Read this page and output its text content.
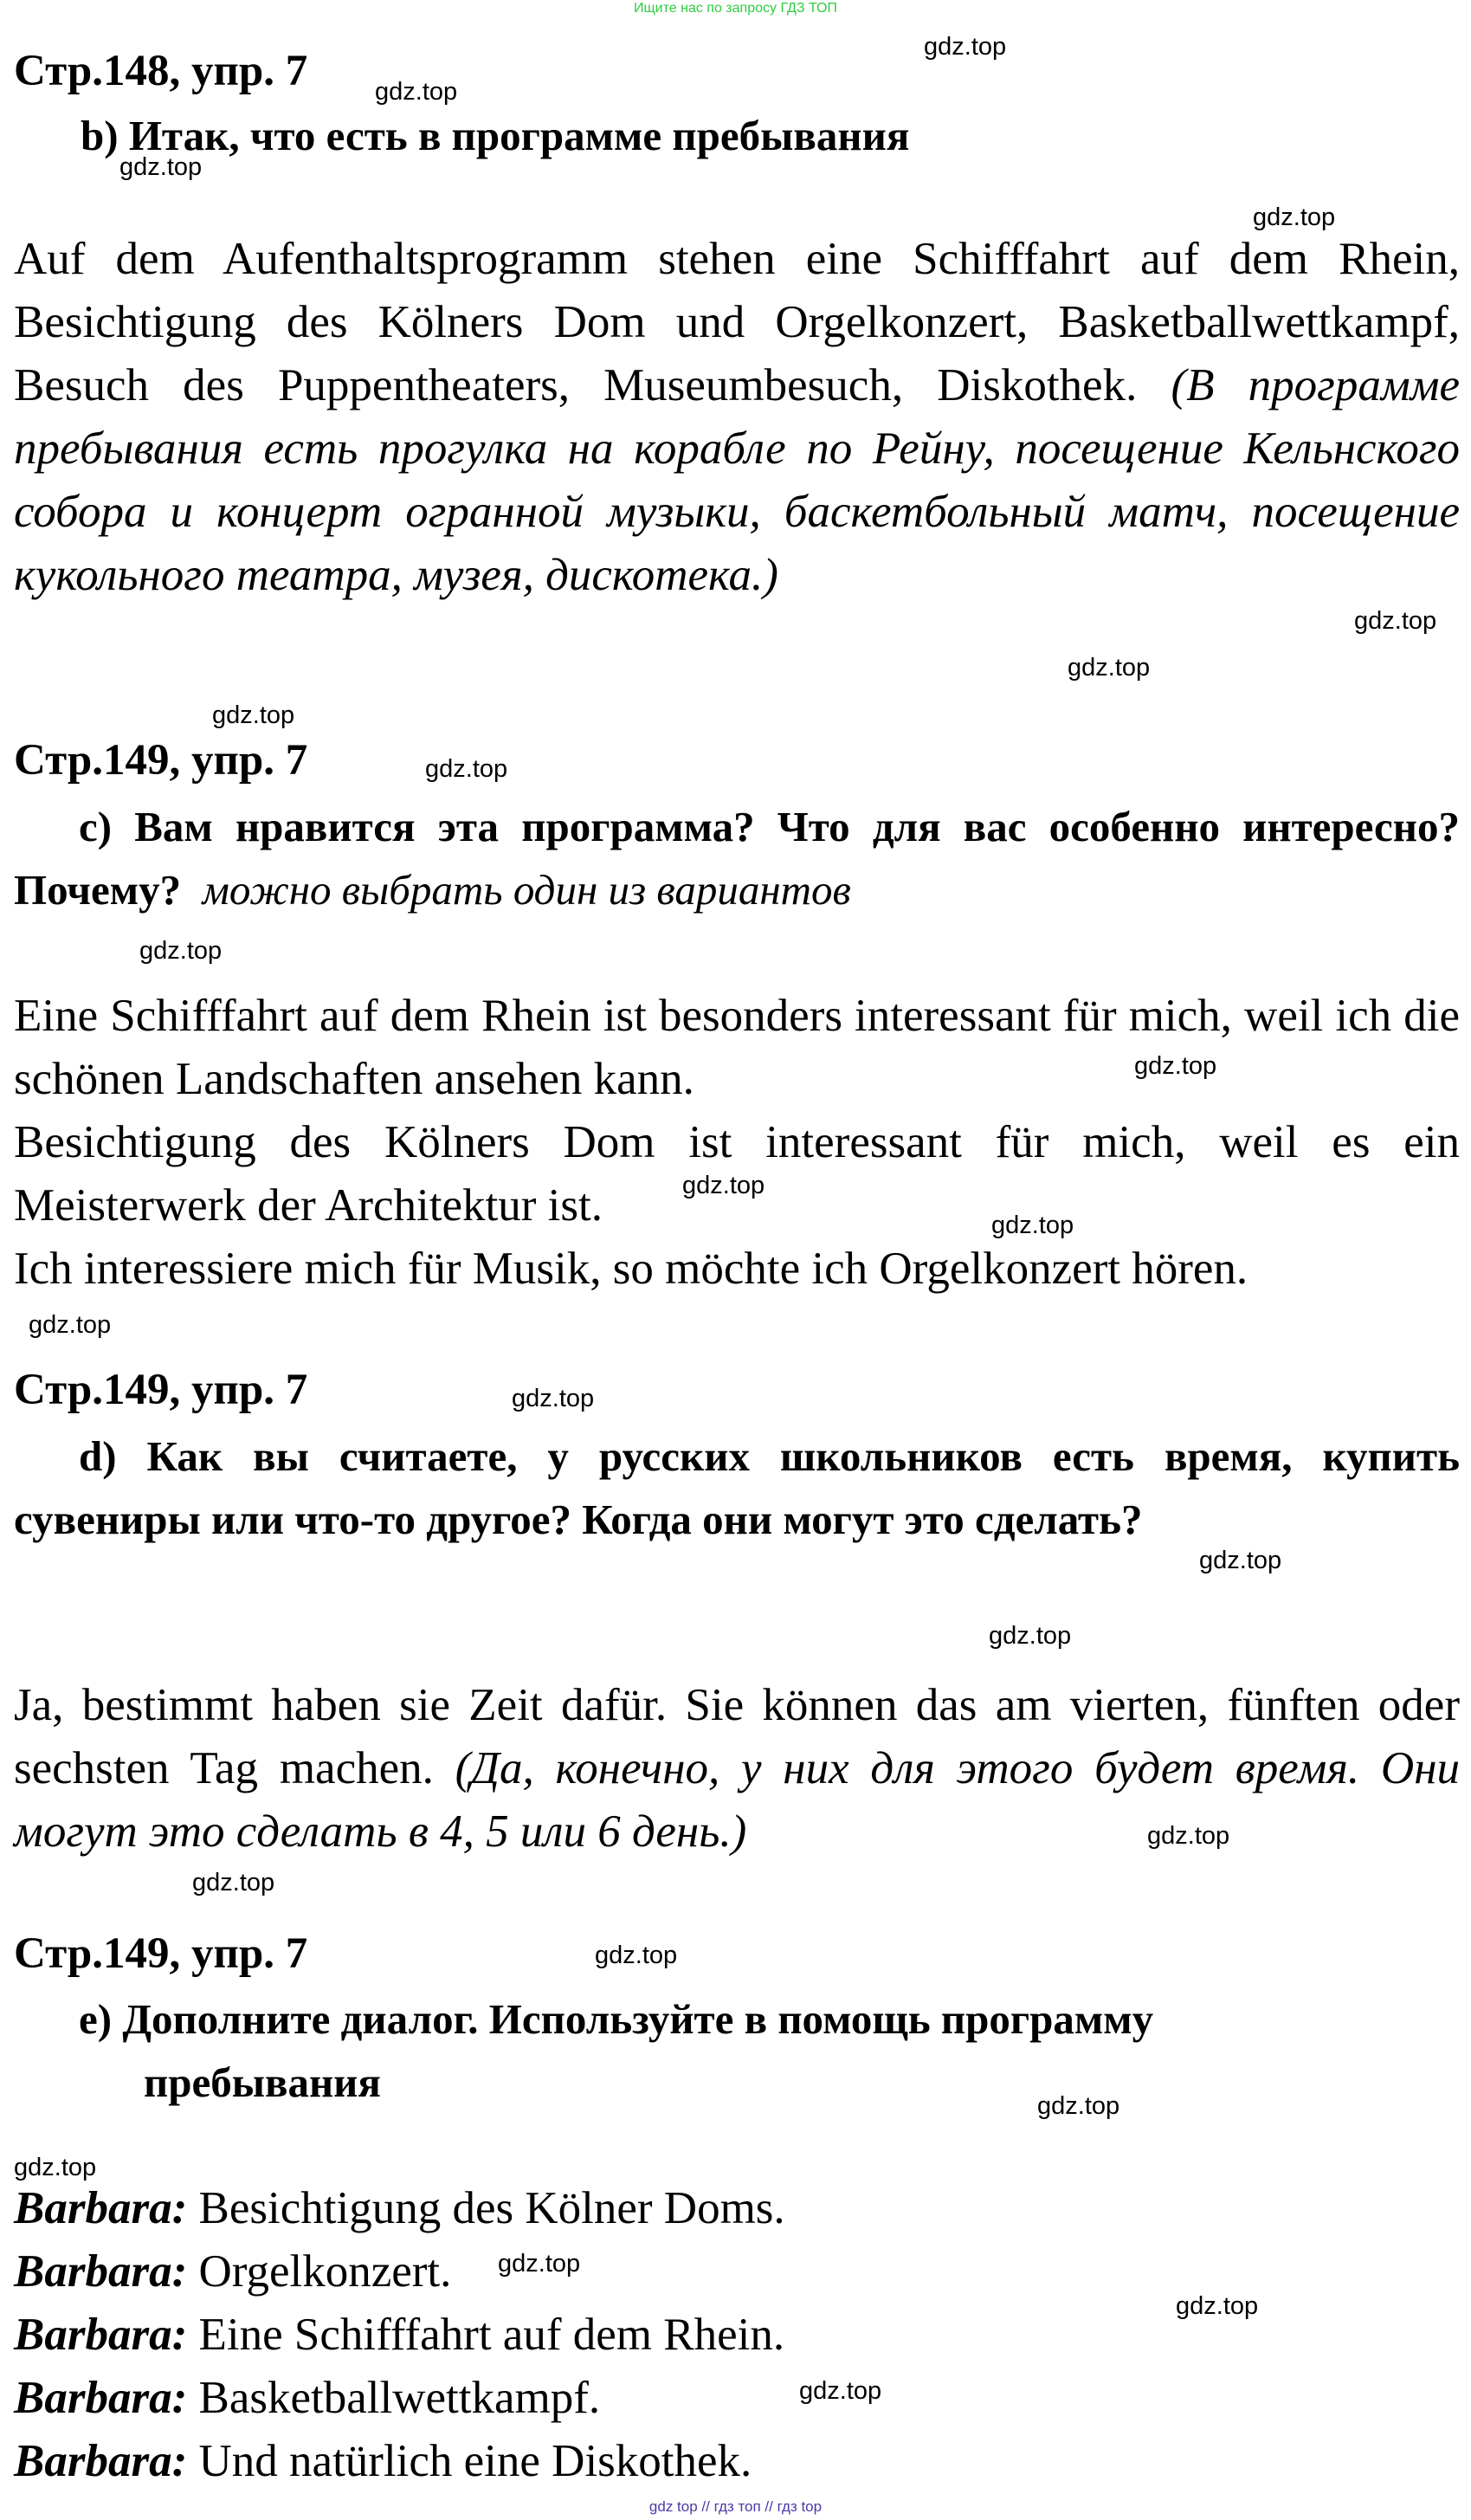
Ищите нас по запросу ГДЗ ТОП
Стр.148, упр. 7
b) Итак, что есть в программе пребывания
Auf dem Aufenthaltsprogramm stehen eine Schifffahrt auf dem Rhein, Besichtigung des Kölners Dom und Orgelkonzert, Basketballwettkampf, Besuch des Puppentheaters, Museumbesuch, Diskothek. (В программе пребывания есть прогулка на корабле по Рейну, посещение Кельнского собора и концерт огранной музыки, баскетбольный матч, посещение кукольного театра, музея, дискотека.)
Стр.149, упр. 7
c) Вам нравится эта программа? Что для вас особенно интересно? Почему? можно выбрать один из вариантов
Eine Schifffahrt auf dem Rhein ist besonders interessant für mich, weil ich die schönen Landschaften ansehen kann.
Besichtigung des Kölners Dom ist interessant für mich, weil es ein Meisterwerk der Architektur ist.
Ich interessiere mich für Musik, so möchte ich Orgelkonzert hören.
Стр.149, упр. 7
d) Как вы считаете, у русских школьников есть время, купить сувениры или что-то другое? Когда они могут это сделать?
Ja, bestimmt haben sie Zeit dafür. Sie können das am vierten, fünften oder sechsten Tag machen. (Да, конечно, у них для этого будет время. Они могут это сделать в 4, 5 или 6 день.)
Стр.149, упр. 7
e) Дополните диалог. Используйте в помощь программу
пребывания
Barbara: Besichtigung des Kölner Doms.
Barbara: Orgelkonzert.
Barbara: Eine Schifffahrt auf dem Rhein.
Barbara: Basketballwettkampf.
Barbara: Und natürlich eine Diskothek.
gdz.top
gdz.top
gdz.top
gdz.top
gdz.top
gdz.top
gdz.top
gdz.top
gdz.top
gdz.top
gdz.top
gdz.top
gdz.top
gdz.top
gdz.top
gdz.top
gdz.top
gdz.top
gdz.top
gdz.top
gdz.top
gdz.top
gdz.top
gdz.top
gdz top // гдз топ // гдз top
